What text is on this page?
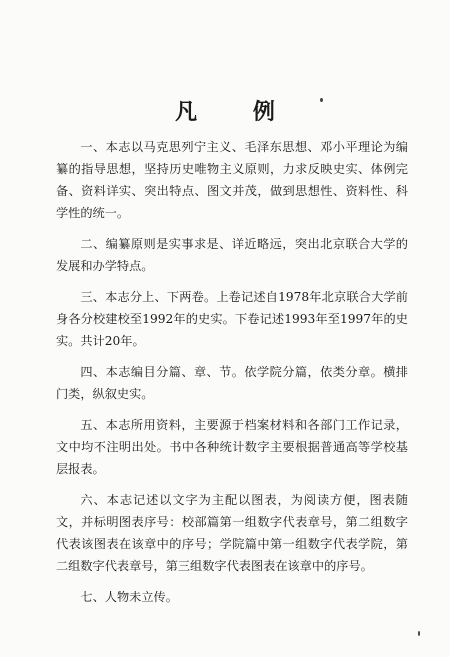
凡 例

一、本志以马克思列宁主义、毛泽东思想、邓小平理论为编纂的指导思想，坚持历史唯物主义原则，力求反映史实、体例完备、资料详实、突出特点、图文并茂，做到思想性、资料性、科学性的统一。

二、编纂原则是实事求是、详近略远，突出北京联合大学的发展和办学特点。

三、本志分上、下两卷。上卷记述自1978年北京联合大学前身各分校建校至1992年的史实。下卷记述1993年至1997年的史实。共计20年。

四、本志编目分篇、章、节。依学院分篇，依类分章。横排门类，纵叙史实。

五、本志所用资料，主要源于档案材料和各部门工作记录，文中均不注明出处。书中各种统计数字主要根据普通高等学校基层报表。

六、本志记述以文字为主配以图表，为阅读方便，图表随文，并标明图表序号：校部篇第一组数字代表章号，第二组数字代表该图表在该章中的序号；学院篇中第一组数字代表学院，第二组数字代表章号，第三组数字代表图表在该章中的序号。

七、人物未立传。
